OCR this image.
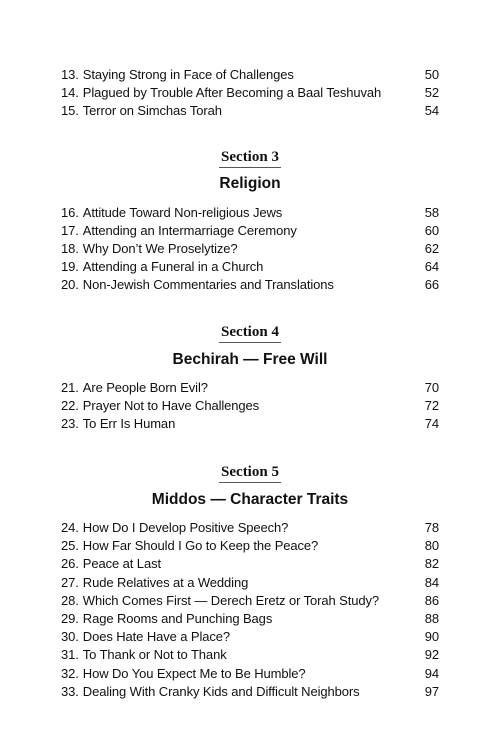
13. Staying Strong in Face of Challenges	50
14. Plagued by Trouble After Becoming a Baal Teshuvah	52
15. Terror on Simchas Torah	54
Section 3
Religion
16. Attitude Toward Non-religious Jews	58
17. Attending an Intermarriage Ceremony	60
18. Why Don’t We Proselytize?	62
19. Attending a Funeral in a Church	64
20. Non-Jewish Commentaries and Translations	66
Section 4
Bechirah — Free Will
21. Are People Born Evil?	70
22. Prayer Not to Have Challenges	72
23. To Err Is Human	74
Section 5
Middos — Character Traits
24. How Do I Develop Positive Speech?	78
25. How Far Should I Go to Keep the Peace?	80
26. Peace at Last	82
27. Rude Relatives at a Wedding	84
28. Which Comes First — Derech Eretz or Torah Study?	86
29. Rage Rooms and Punching Bags	88
30. Does Hate Have a Place?	90
31. To Thank or Not to Thank	92
32. How Do You Expect Me to Be Humble?	94
33. Dealing With Cranky Kids and Difficult Neighbors	97
